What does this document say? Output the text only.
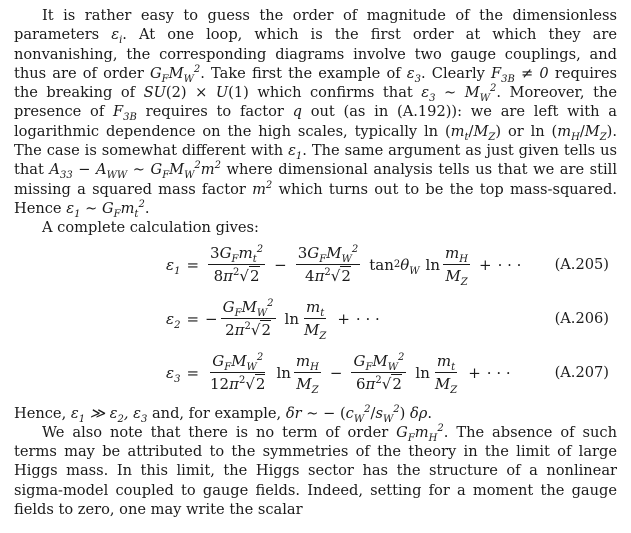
It is rather easy to guess the order of magnitude of the dimensionless parameters $\varepsilon_i$. At one loop, which is the first order at which they are nonvanishing, the corresponding diagrams involve two gauge couplings, and thus are of order $G_FM_W^2$. Take first the example of $\varepsilon_3$. Clearly $F_{3B} \ne 0$ requires the breaking of SU(2) × U(1) which confirms that $\varepsilon_3$ ∼ $M_W^2$. Moreover, the presence of $F_{3B}$ requires to factor q out (as in (A.192)): we are left with a logarithmic dependence on the high scales, typically $\ln (m_t/M_Z)$ or $\ln (m_H/M_Z)$. The case is somewhat different with $\varepsilon_1$. The same argument as just given tells us that $A_{33} - A_{WW}$ ∼ $G_FM_W^2m^2$ where dimensional analysis tells us that we are still missing a squared mass factor $m^2$ which turns out to be the top mass-squared. Hence $\varepsilon_1$ ∼ $G_Fm_t^2$.

A complete calculation gives:

$\varepsilon_1 = \frac{3G_Fm_t^2}{8\pi^2√2} - \frac{3G_FM_W^2}{4\pi^2√2}$ tan 2 $\theta_W$ $\ln \frac{m_H}{M_Z}$ + · · · (A.205)
$\varepsilon_2$ = − $\frac{G_FM_W^2}{2\pi^2√2}$ $\ln \frac{m_t}{M_Z}$ + · · ·	(A.206)
$\varepsilon_3 = \frac{G_FM_W^2}{12\pi^2√2}$ $\ln \frac{m_H}{M_Z} - \frac{G_FM_W^2}{6\pi^2√2}$ $\ln \frac{m_t}{M_Z}$ + · · ·	(A.207)

Hence, $\varepsilon_1$ ≫ $\varepsilon_2$, $\varepsilon_3$ and, for example, δr ∼ − $(c_W^2/s_W^2)$ δρ.

We also note that there is no term of order $G_Fm_H^2$. The absence of such terms may be attributed to the symmetries of the theory in the limit of large Higgs mass. In this limit, the Higgs sector has the structure of a nonlinear sigma-model coupled to gauge fields. Indeed, setting for a moment the gauge fields to zero, one may write the scalar
